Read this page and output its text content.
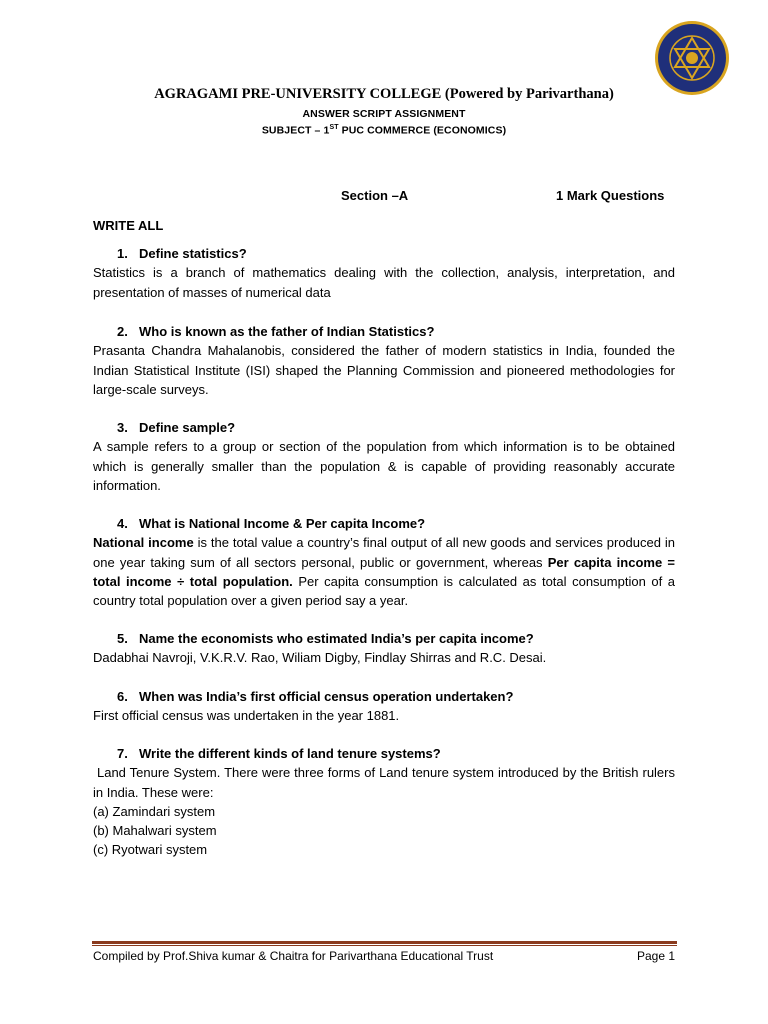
AGRAGAMI PRE-UNIVERSITY COLLEGE (Powered by Parivarthana)
ANSWER SCRIPT ASSIGNMENT
SUBJECT – 1ST PUC COMMERCE (ECONOMICS)
Section –A	1 Mark Questions
WRITE ALL
1. Define statistics?
Statistics is a branch of mathematics dealing with the collection, analysis, interpretation, and presentation of masses of numerical data
2. Who is known as the father of Indian Statistics?
Prasanta Chandra Mahalanobis, considered the father of modern statistics in India, founded the Indian Statistical Institute (ISI) shaped the Planning Commission and pioneered methodologies for large-scale surveys.
3. Define sample?
A sample refers to a group or section of the population from which information is to be obtained which is generally smaller than the population & is capable of providing reasonably accurate information.
4. What is National Income & Per capita Income?
National income is the total value a country’s final output of all new goods and services produced in one year taking sum of all sectors personal, public or government, whereas Per capita income = total income ÷ total population. Per capita consumption is calculated as total consumption of a country total population over a given period say a year.
5. Name the economists who estimated India’s per capita income?
Dadabhai Navroji, V.K.R.V. Rao, Wiliam Digby, Findlay Shirras and R.C. Desai.
6. When was India’s first official census operation undertaken?
First official census was undertaken in the year 1881.
7. Write the different kinds of land tenure systems?

Land Tenure System. There were three forms of Land tenure system introduced by the British rulers in India. These were:

(a) Zamindari system

(b) Mahalwari system

(c) Ryotwari system

Compiled by Prof.Shiva kumar & Chaitra for Parivarthana Educational Trust	Page 1
